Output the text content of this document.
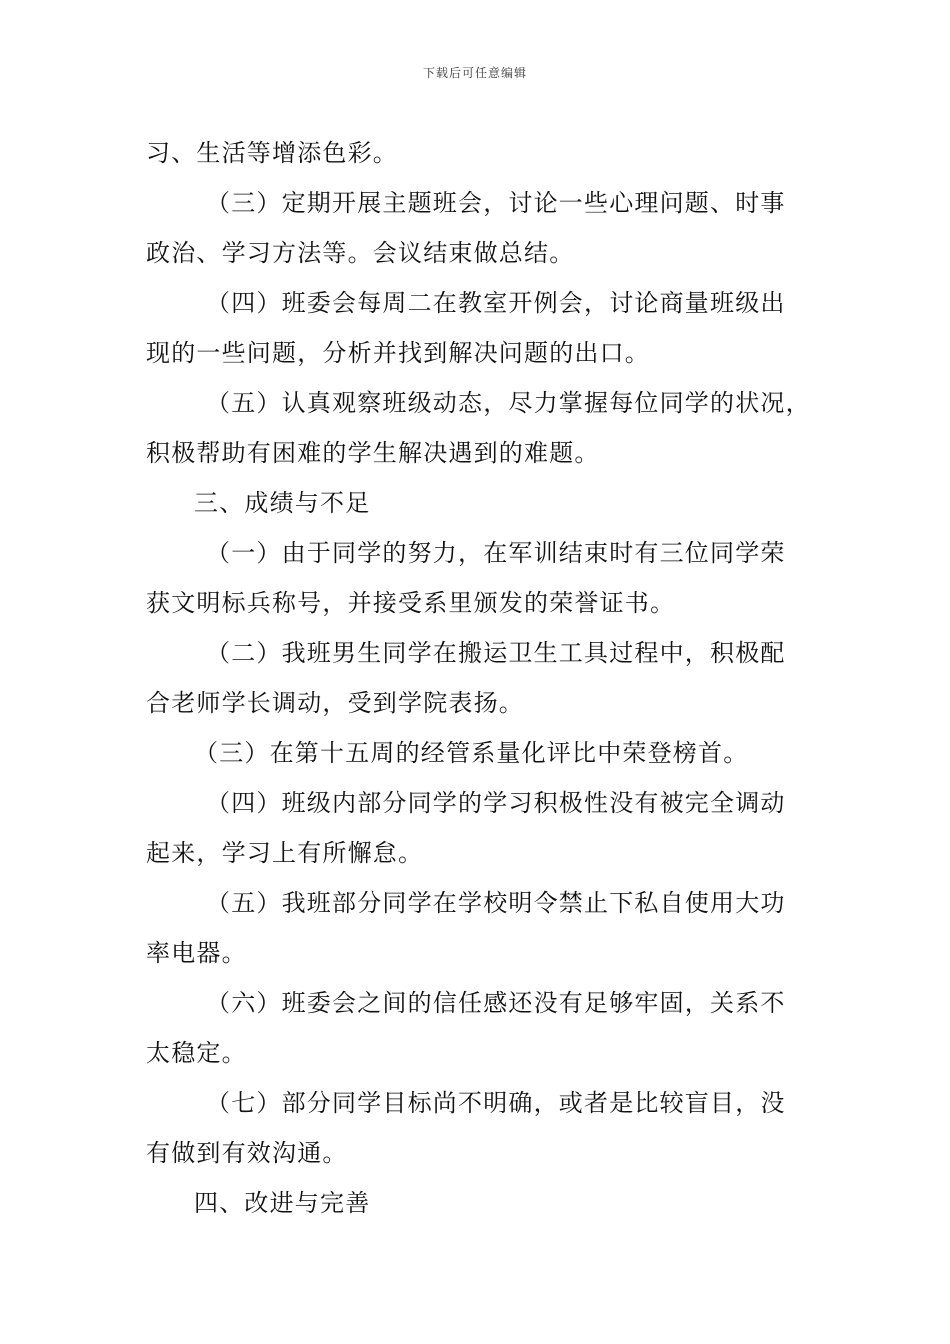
下载后可任意编辑
习、生活等增添色彩。
（三）定期开展主题班会，讨论一些心理问题、时事
政治、学习方法等。会议结束做总结。
（四）班委会每周二在教室开例会，讨论商量班级出
现的一些问题，分析并找到解决问题的出口。
（五）认真观察班级动态，尽力掌握每位同学的状况，
积极帮助有困难的学生解决遇到的难题。
三、成绩与不足
（一）由于同学的努力，在军训结束时有三位同学荣
获文明标兵称号，并接受系里颁发的荣誉证书。
（二）我班男生同学在搬运卫生工具过程中，积极配
合老师学长调动，受到学院表扬。
（三）在第十五周的经管系量化评比中荣登榜首。
（四）班级内部分同学的学习积极性没有被完全调动
起来，学习上有所懈怠。
（五）我班部分同学在学校明令禁止下私自使用大功
率电器。
（六）班委会之间的信任感还没有足够牢固，关系不
太稳定。
（七）部分同学目标尚不明确，或者是比较盲目，没
有做到有效沟通。
四、改进与完善
